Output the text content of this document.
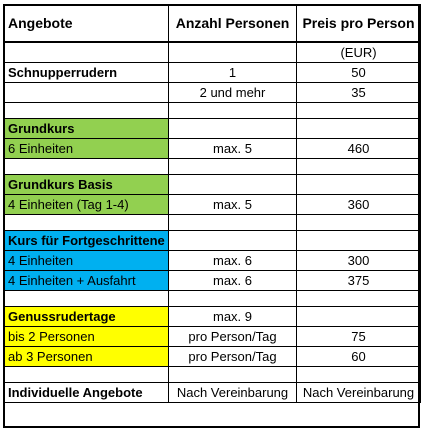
Angebote	Anzahl Personen	Preis pro Person
		(EUR)
Schnupperrudern	1	50
	2 und mehr	35

Grundkurs		
6 Einheiten	max. 5	460

Grundkurs Basis		
4 Einheiten (Tag 1-4)	max. 5	360

Kurs für Fortgeschrittene		
4 Einheiten	max. 6	300
4 Einheiten + Ausfahrt	max. 6	375

Genussrudertage	max. 9	
bis 2 Personen	pro Person/Tag	75
ab 3 Personen	pro Person/Tag	60

Individuelle Angebote	Nach Vereinbarung	Nach Vereinbarung
